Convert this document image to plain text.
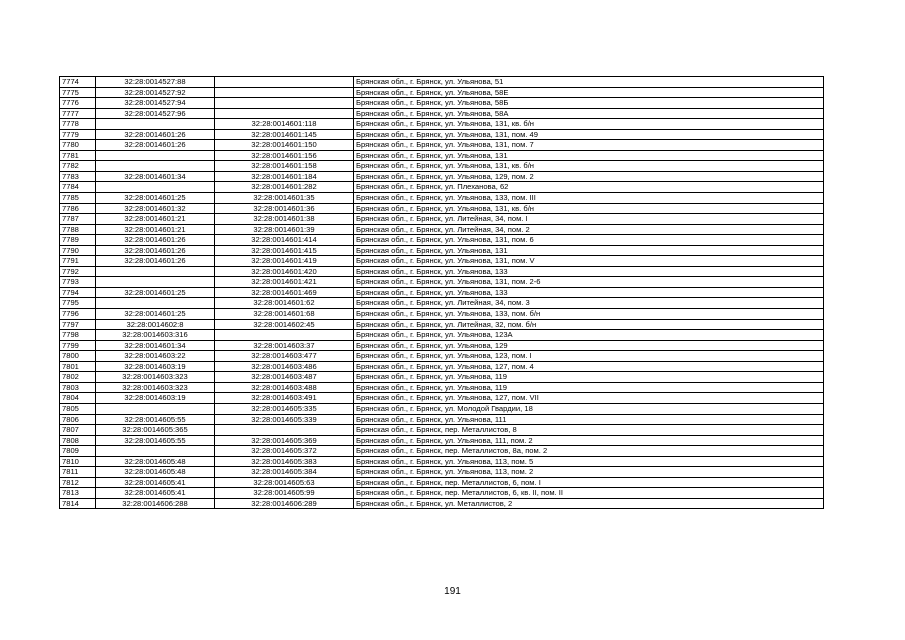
7774	32:28:0014527:88		Брянская обл., г. Брянск, ул. Ульянова, 51
7775	32:28:0014527:92		Брянская обл., г. Брянск, ул. Ульянова, 58Е
7776	32:28:0014527:94		Брянская обл., г. Брянск, ул. Ульянова, 58Б
7777	32:28:0014527:96		Брянская обл., г. Брянск, ул. Ульянова, 58А
7778		32:28:0014601:118	Брянская обл., г. Брянск, ул. Ульянова, 131, кв. б/н
7779	32:28:0014601:26	32:28:0014601:145	Брянская обл., г. Брянск, ул. Ульянова, 131, пом. 49
7780	32:28:0014601:26	32:28:0014601:150	Брянская обл., г. Брянск, ул. Ульянова, 131, пом. 7
7781		32:28:0014601:156	Брянская обл., г. Брянск, ул. Ульянова, 131
7782		32:28:0014601:158	Брянская обл., г. Брянск, ул. Ульянова, 131, кв. б/н
7783	32:28:0014601:34	32:28:0014601:184	Брянская обл., г. Брянск, ул. Ульянова, 129, пом. 2
7784		32:28:0014601:282	Брянская обл., г. Брянск, ул. Плеханова, 62
7785	32:28:0014601:25	32:28:0014601:35	Брянская обл., г. Брянск, ул. Ульянова, 133, пом. III
7786	32:28:0014601:32	32:28:0014601:36	Брянская обл., г. Брянск, ул. Ульянова, 131, кв. б/н
7787	32:28:0014601:21	32:28:0014601:38	Брянская обл., г. Брянск, ул. Литейная, 34, пом. I
7788	32:28:0014601:21	32:28:0014601:39	Брянская обл., г. Брянск, ул. Литейная, 34, пом. 2
7789	32:28:0014601:26	32:28:0014601:414	Брянская обл., г. Брянск, ул. Ульянова, 131, пом. 6
7790	32:28:0014601:26	32:28:0014601:415	Брянская обл., г. Брянск, ул. Ульянова, 131
7791	32:28:0014601:26	32:28:0014601:419	Брянская обл., г. Брянск, ул. Ульянова, 131, пом. V
7792		32:28:0014601:420	Брянская обл., г. Брянск, ул. Ульянова, 133
7793		32:28:0014601:421	Брянская обл., г. Брянск, ул. Ульянова, 131, пом. 2-6
7794	32:28:0014601:25	32:28:0014601:469	Брянская обл., г. Брянск, ул. Ульянова, 133
7795		32:28:0014601:62	Брянская обл., г. Брянск, ул. Литейная, 34, пом. 3
7796	32:28:0014601:25	32:28:0014601:68	Брянская обл., г. Брянск, ул. Ульянова, 133, пом. б/н
7797	32:28:0014602:8	32:28:0014602:45	Брянская обл., г. Брянск, ул. Литейная, 32, пом. б/н
7798	32:28:0014603:316		Брянская обл., г. Брянск, ул. Ульянова, 123А
7799	32:28:0014601:34	32:28:0014603:37	Брянская обл., г. Брянск, ул. Ульянова, 129
7800	32:28:0014603:22	32:28:0014603:477	Брянская обл., г. Брянск, ул. Ульянова, 123, пом. I
7801	32:28:0014603:19	32:28:0014603:486	Брянская обл., г. Брянск, ул. Ульянова, 127, пом. 4
7802	32:28:0014603:323	32:28:0014603:487	Брянская обл., г. Брянск, ул. Ульянова, 119
7803	32:28:0014603:323	32:28:0014603:488	Брянская обл., г. Брянск, ул. Ульянова, 119
7804	32:28:0014603:19	32:28:0014603:491	Брянская обл., г. Брянск, ул. Ульянова, 127, пом. VII
7805		32:28:0014605:335	Брянская обл., г. Брянск, ул. Молодой Гвардии, 18
7806	32:28:0014605:55	32:28:0014605:339	Брянская обл., г. Брянск, ул. Ульянова, 111
7807	32:28:0014605:365		Брянская обл., г. Брянск, пер. Металлистов, 8
7808	32:28:0014605:55	32:28:0014605:369	Брянская обл., г. Брянск, ул. Ульянова, 111, пом. 2
7809		32:28:0014605:372	Брянская обл., г. Брянск, пер. Металлистов, 8а, пом. 2
7810	32:28:0014605:48	32:28:0014605:383	Брянская обл., г. Брянск, ул. Ульянова, 113, пом. 5
7811	32:28:0014605:48	32:28:0014605:384	Брянская обл., г. Брянск, ул. Ульянова, 113, пом. 2
7812	32:28:0014605:41	32:28:0014605:63	Брянская обл., г. Брянск, пер. Металлистов, 6, пом. I
7813	32:28:0014605:41	32:28:0014605:99	Брянская обл., г. Брянск, пер. Металлистов, 6, кв. II, пом. II
7814	32:28:0014606:288	32:28:0014606:289	Брянская обл., г. Брянск, ул. Металлистов, 2
191
